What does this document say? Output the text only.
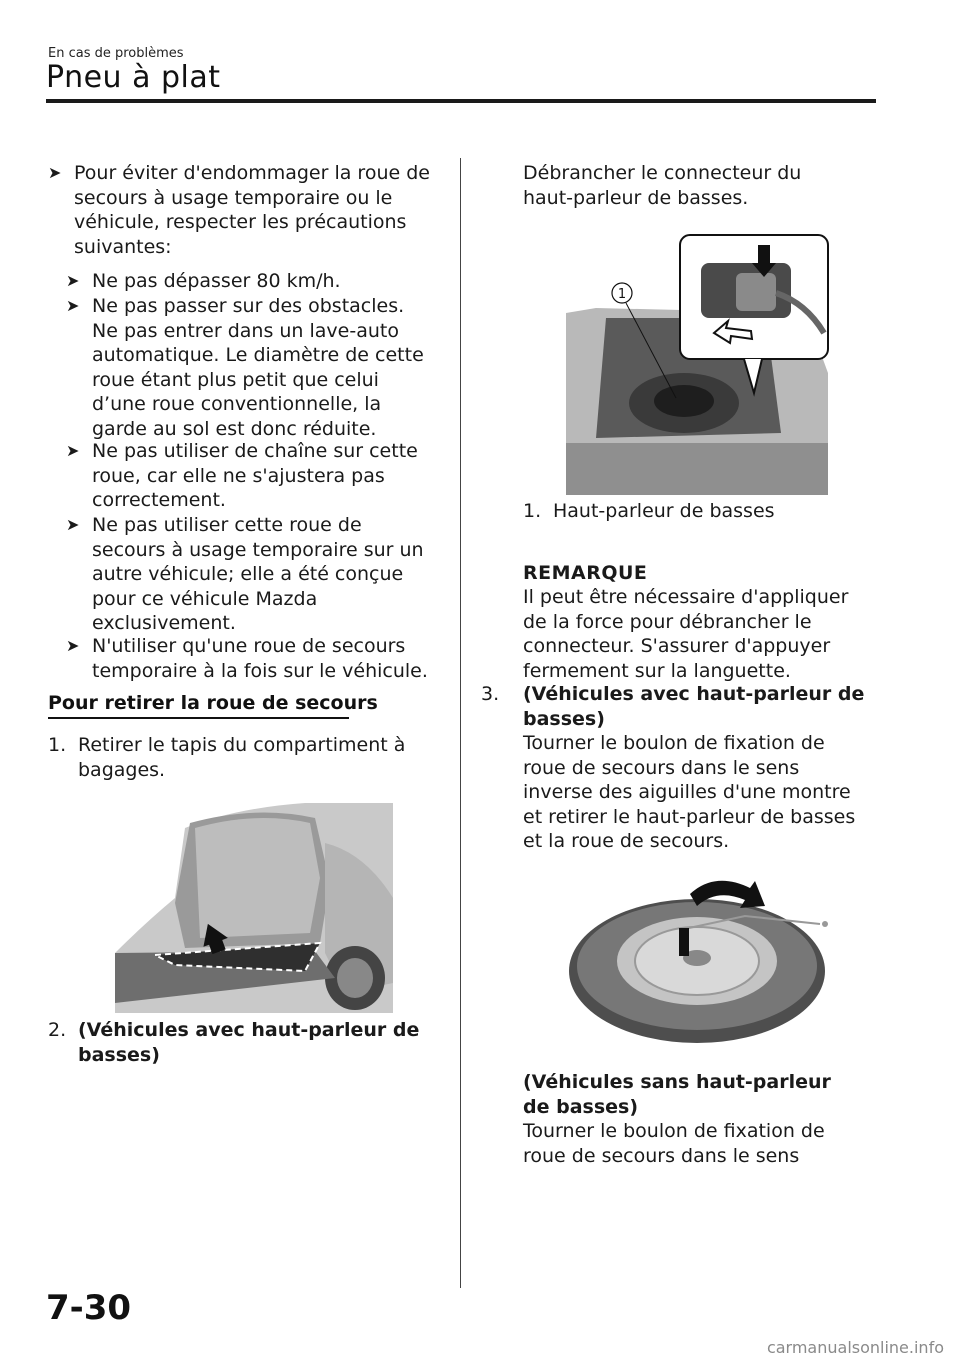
En cas de problèmes
Pneu à plat
➤ Pour éviter d'endommager la roue de secours à usage temporaire ou le véhicule, respecter les précautions suivantes:
➤ Ne pas dépasser 80 km/h.
➤ Ne pas passer sur des obstacles. Ne pas entrer dans un lave-auto automatique. Le diamètre de cette roue étant plus petit que celui d’une roue conventionnelle, la garde au sol est donc réduite.
➤ Ne pas utiliser de chaîne sur cette roue, car elle ne s'ajustera pas correctement.
➤ Ne pas utiliser cette roue de secours à usage temporaire sur un autre véhicule; elle a été conçue pour ce véhicule Mazda exclusivement.
➤ N'utiliser qu'une roue de secours temporaire à la fois sur le véhicule.
Pour retirer la roue de secours
1. Retirer le tapis du compartiment à bagages.
2. (Véhicules avec haut-parleur de basses)
Débrancher le connecteur du haut-parleur de basses.
1
1. Haut-parleur de basses
REMARQUE
Il peut être nécessaire d'appliquer de la force pour débrancher le connecteur. S'assurer d'appuyer fermement sur la languette.
3. (Véhicules avec haut-parleur de basses)
Tourner le boulon de fixation de roue de secours dans le sens inverse des aiguilles d'une montre et retirer le haut-parleur de basses et la roue de secours.
(Véhicules sans haut-parleur de basses)
Tourner le boulon de fixation de roue de secours dans le sens
7-30
carmanualsonline.info
